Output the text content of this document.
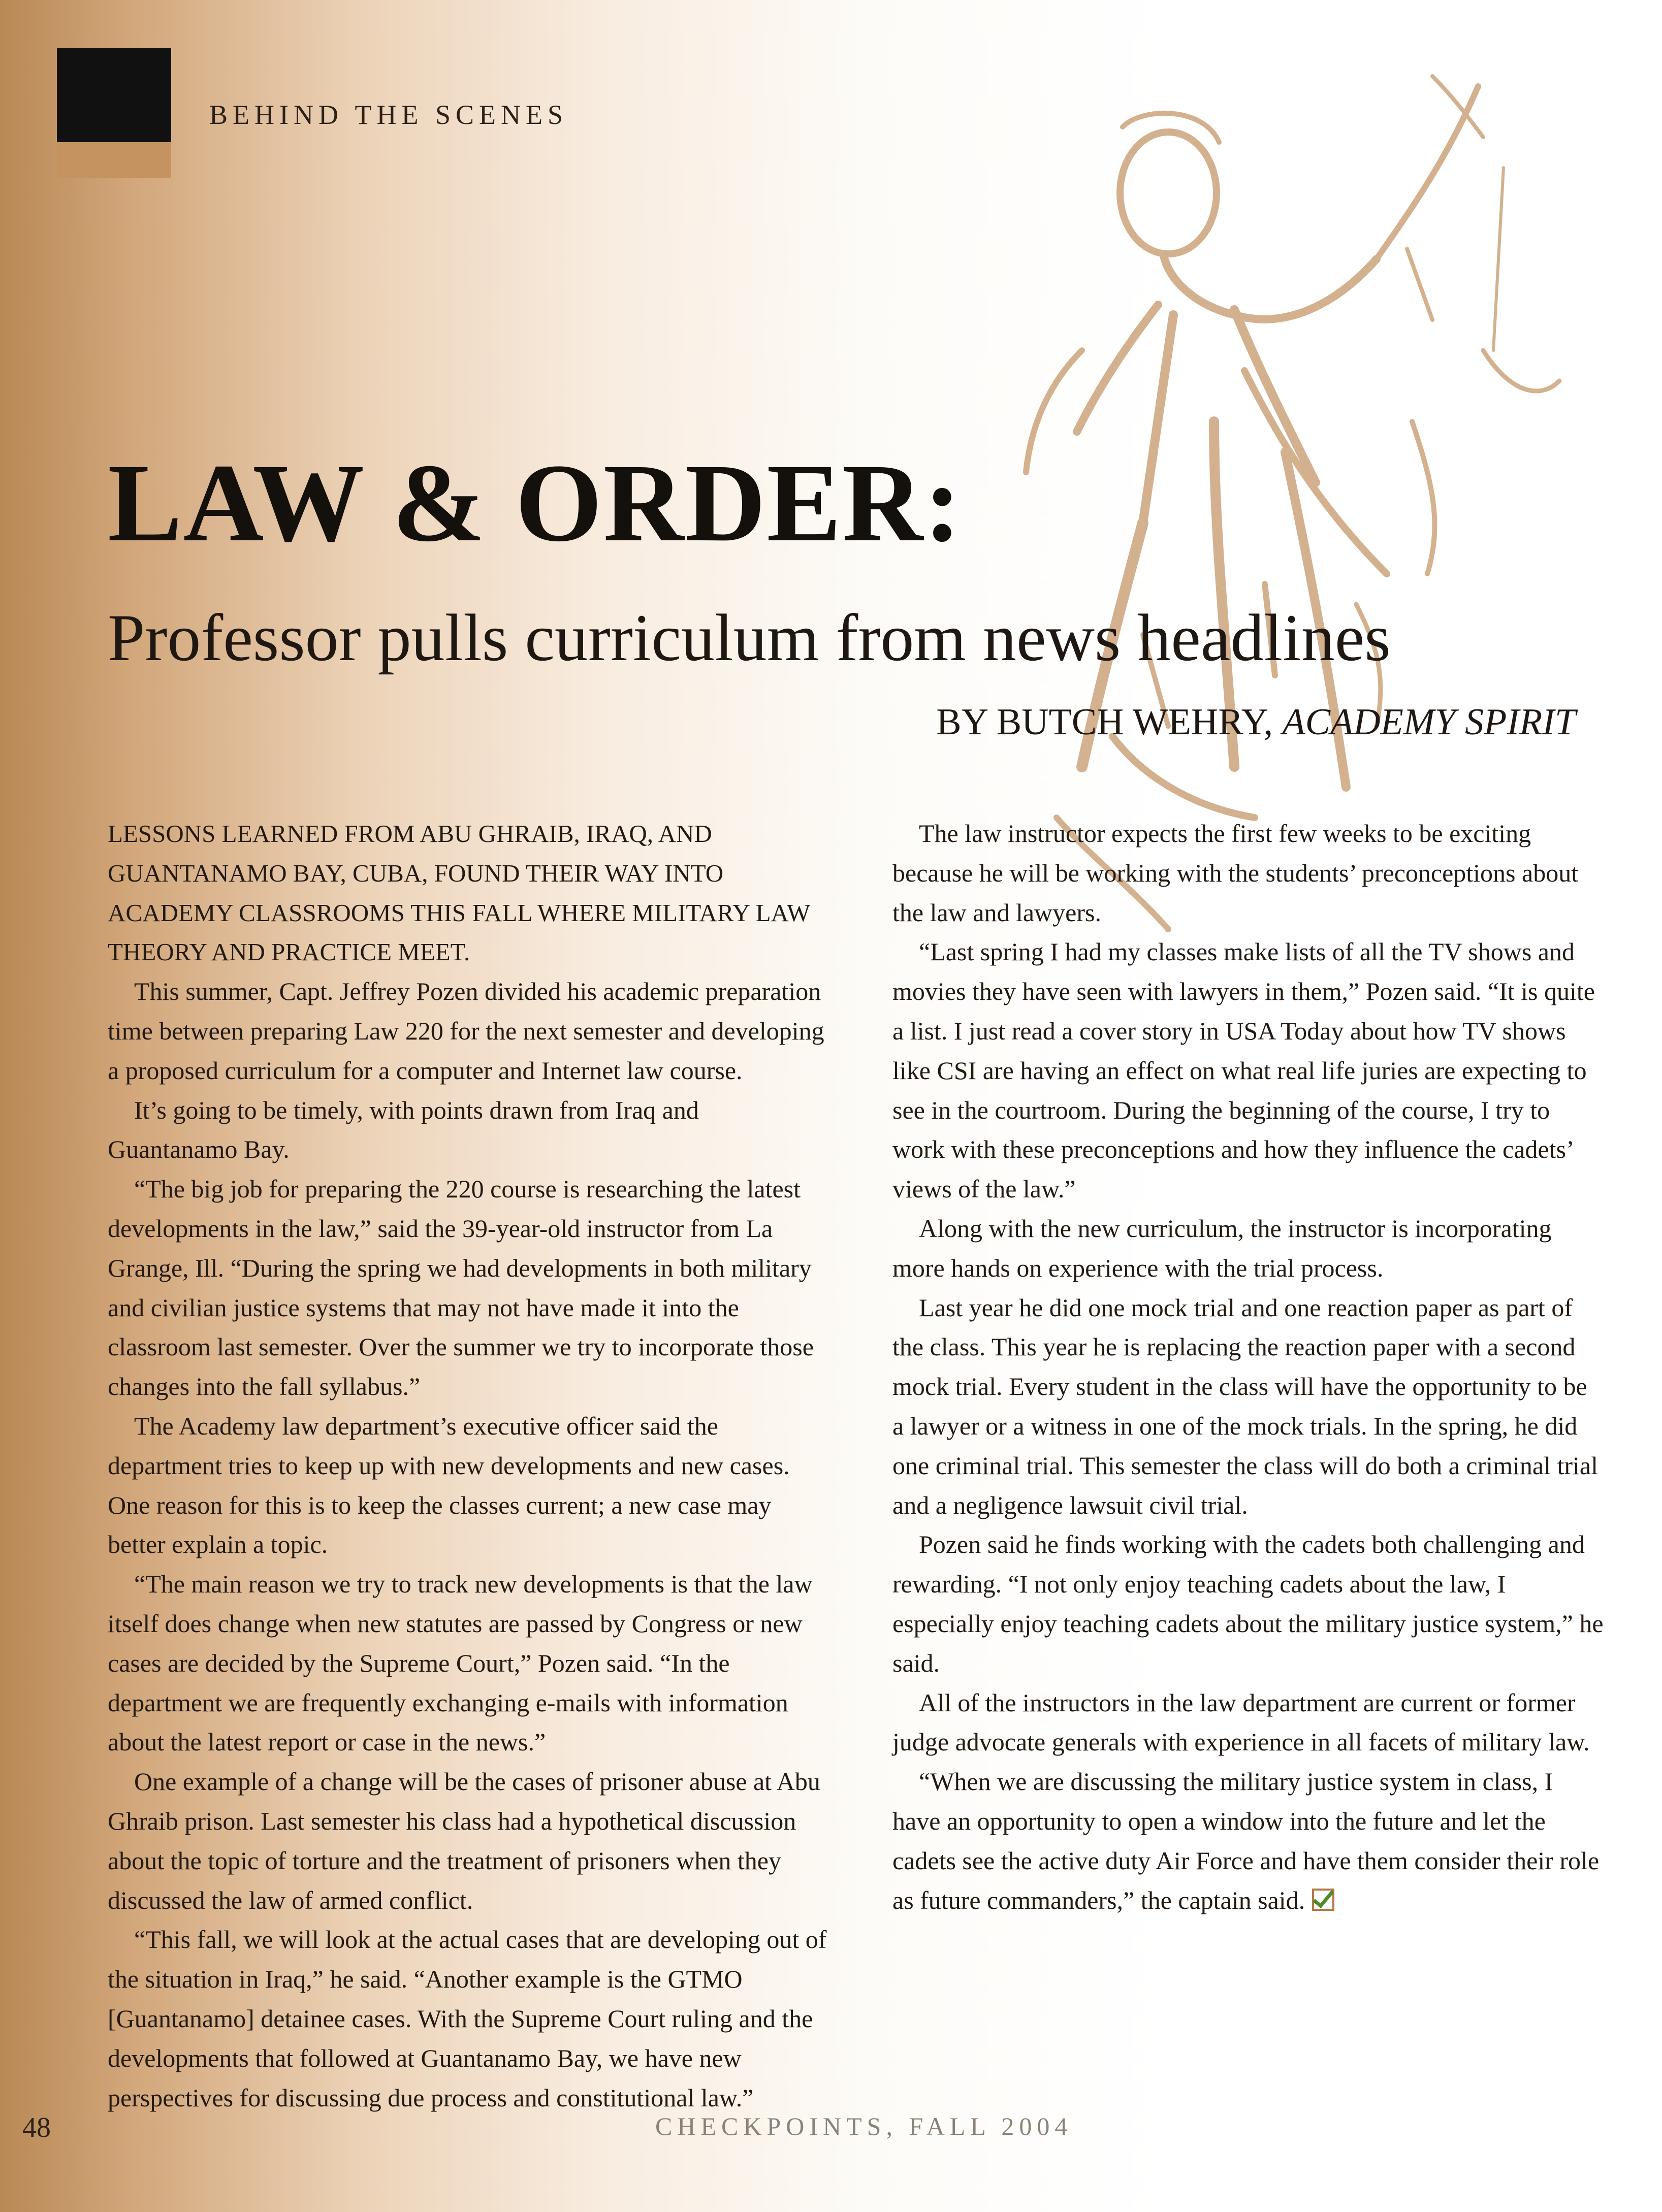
BEHIND THE SCENES
LAW & ORDER:
Professor pulls curriculum from news headlines
BY BUTCH WEHRY, ACADEMY SPIRIT

LESSONS LEARNED FROM ABU GHRAIB, IRAQ, AND GUANTANAMO BAY, CUBA, FOUND THEIR WAY INTO ACADEMY CLASSROOMS THIS FALL WHERE MILITARY LAW THEORY AND PRACTICE MEET.

This summer, Capt. Jeffrey Pozen divided his academic preparation time between preparing Law 220 for the next semester and developing a proposed curriculum for a computer and Internet law course.

It’s going to be timely, with points drawn from Iraq and Guantanamo Bay.

“The big job for preparing the 220 course is researching the latest developments in the law,” said the 39-year-old instructor from La Grange, Ill. “During the spring we had developments in both military and civilian justice systems that may not have made it into the classroom last semester. Over the summer we try to incorporate those changes into the fall syllabus.”

The Academy law department’s executive officer said the department tries to keep up with new developments and new cases. One reason for this is to keep the classes current; a new case may better explain a topic.

“The main reason we try to track new developments is that the law itself does change when new statutes are passed by Congress or new cases are decided by the Supreme Court,” Pozen said. “In the department we are frequently exchanging e-mails with information about the latest report or case in the news.”

One example of a change will be the cases of prisoner abuse at Abu Ghraib prison. Last semester his class had a hypothetical discussion about the topic of torture and the treatment of prisoners when they discussed the law of armed conflict.

“This fall, we will look at the actual cases that are developing out of the situation in Iraq,” he said. “Another example is the GTMO [Guantanamo] detainee cases. With the Supreme Court ruling and the developments that followed at Guantanamo Bay, we have new perspectives for discussing due process and constitutional law.”

The law instructor expects the first few weeks to be exciting because he will be working with the students’ preconceptions about the law and lawyers.

“Last spring I had my classes make lists of all the TV shows and movies they have seen with lawyers in them,” Pozen said. “It is quite a list. I just read a cover story in USA Today about how TV shows like CSI are having an effect on what real life juries are expecting to see in the courtroom. During the beginning of the course, I try to work with these preconceptions and how they influence the cadets’ views of the law.”

Along with the new curriculum, the instructor is incorporating more hands on experience with the trial process.

Last year he did one mock trial and one reaction paper as part of the class. This year he is replacing the reaction paper with a second mock trial. Every student in the class will have the opportunity to be a lawyer or a witness in one of the mock trials. In the spring, he did one criminal trial. This semester the class will do both a criminal trial and a negligence lawsuit civil trial.

Pozen said he finds working with the cadets both challenging and rewarding. “I not only enjoy teaching cadets about the law, I especially enjoy teaching cadets about the military justice system,” he said.

All of the instructors in the law department are current or former judge advocate generals with experience in all facets of military law.

“When we are discussing the military justice system in class, I have an opportunity to open a window into the future and let the cadets see the active duty Air Force and have them consider their role as future commanders,” the captain said.

48	CHECKPOINTS, FALL 2004
